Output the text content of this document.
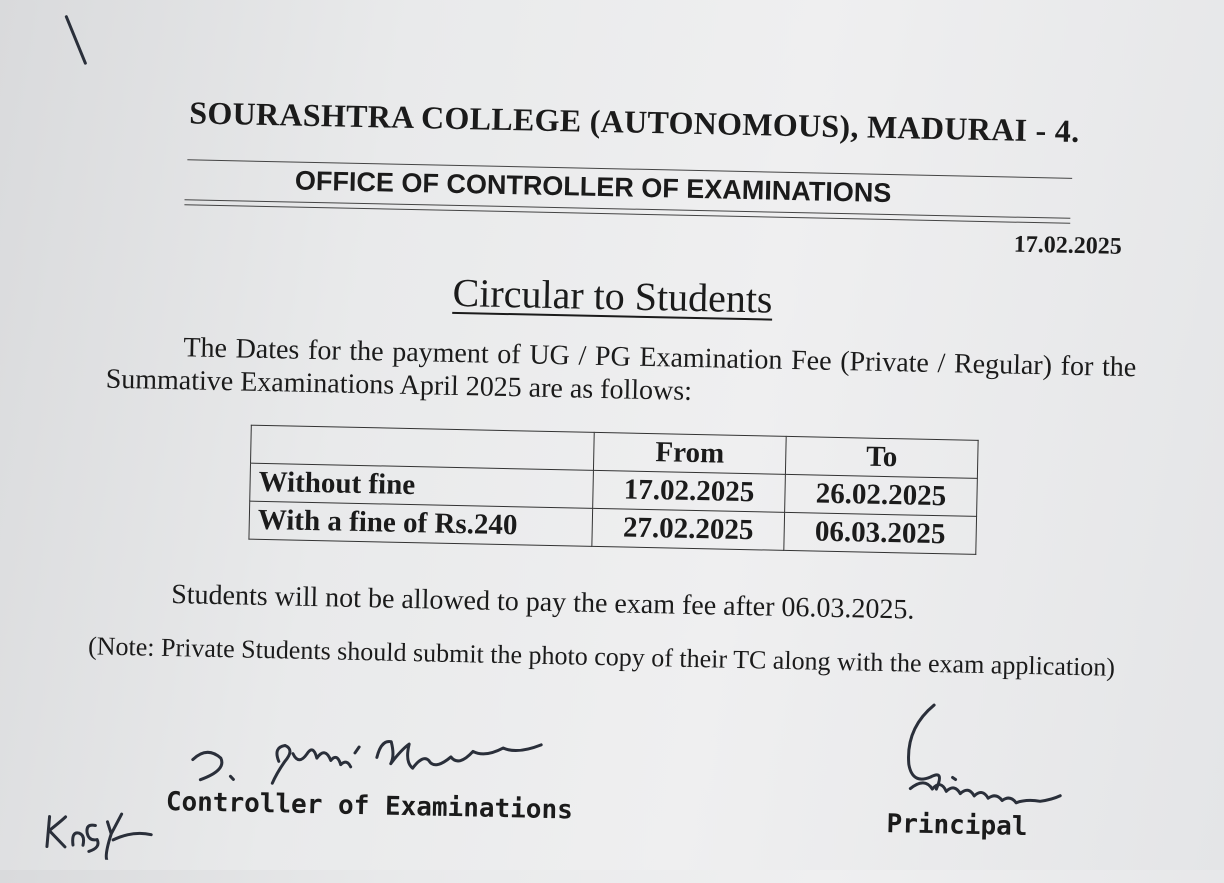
SOURASHTRA COLLEGE (AUTONOMOUS), MADURAI - 4.
OFFICE OF CONTROLLER OF EXAMINATIONS
17.02.2025
Circular to Students
The Dates for the payment of UG / PG Examination Fee (Private / Regular) for the Summative Examinations April 2025 are as follows:
	From	To
Without fine	17.02.2025	26.02.2025
With a fine of Rs.240	27.02.2025	06.03.2025
Students will not be allowed to pay the exam fee after 06.03.2025.
(Note: Private Students should submit the photo copy of their TC along with the exam application)
Controller of Examinations
Principal
